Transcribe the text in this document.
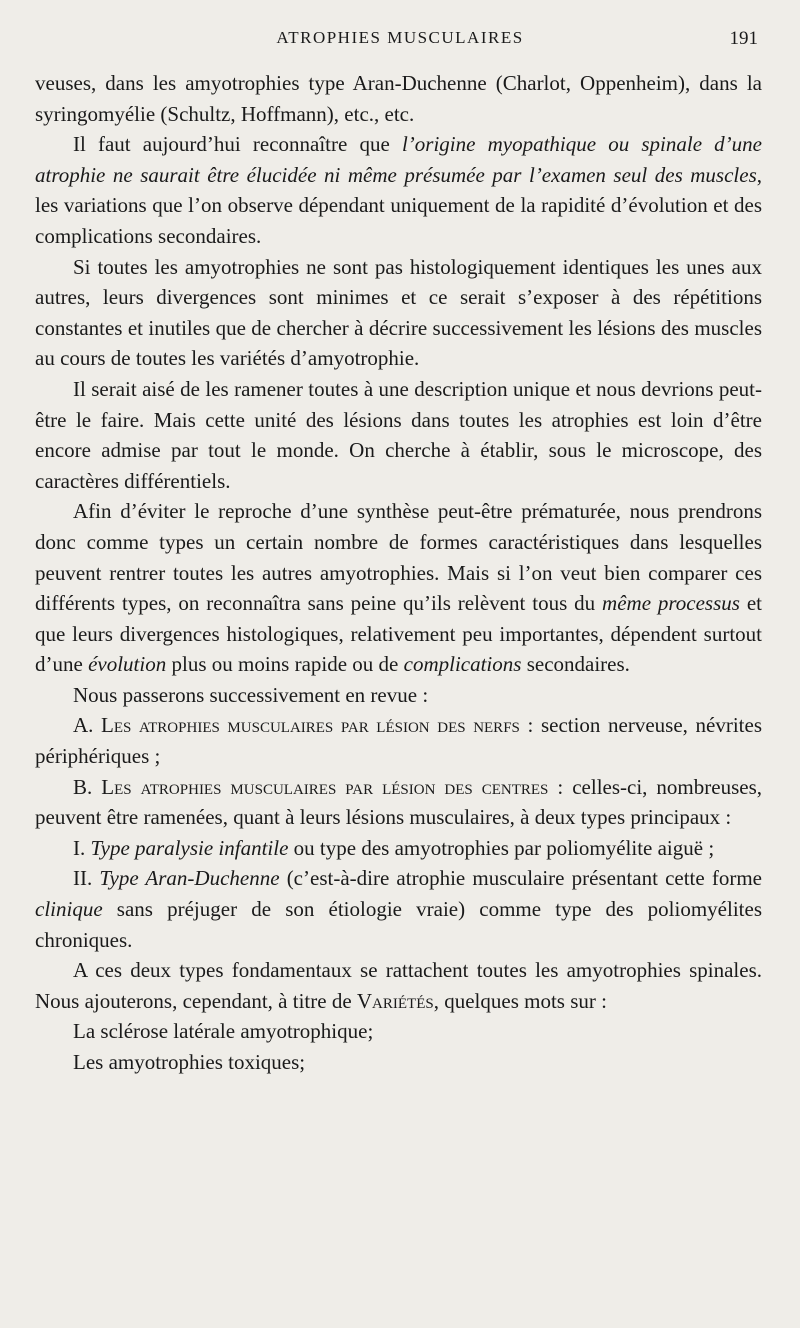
ATROPHIES MUSCULAIRES	191

veuses, dans les amyotrophies type Aran-Duchenne (Charlot, Oppenheim), dans la syringomyélie (Schultz, Hoffmann), etc., etc.

Il faut aujourd’hui reconnaître que l’origine myopathique ou spinale d’une atrophie ne saurait être élucidée ni même présumée par l’examen seul des muscles, les variations que l’on observe dépendant uniquement de la rapidité d’évolution et des complications secondaires.

Si toutes les amyotrophies ne sont pas histologiquement identiques les unes aux autres, leurs divergences sont minimes et ce serait s’exposer à des répétitions constantes et inutiles que de chercher à décrire successivement les lésions des muscles au cours de toutes les variétés d’amyotrophie.

Il serait aisé de les ramener toutes à une description unique et nous devrions peut-être le faire. Mais cette unité des lésions dans toutes les atrophies est loin d’être encore admise par tout le monde. On cherche à établir, sous le microscope, des caractères différentiels.

Afin d’éviter le reproche d’une synthèse peut-être prématurée, nous prendrons donc comme types un certain nombre de formes caractéristiques dans lesquelles peuvent rentrer toutes les autres amyotrophies. Mais si l’on veut bien comparer ces différents types, on reconnaîtra sans peine qu’ils relèvent tous du même processus et que leurs divergences histologiques, relativement peu importantes, dépendent surtout d’une évolution plus ou moins rapide ou de complications secondaires.

Nous passerons successivement en revue :

A. Les atrophies musculaires par lésion des nerfs : section nerveuse, névrites périphériques ;

B. Les atrophies musculaires par lésion des centres : celles-ci, nombreuses, peuvent être ramenées, quant à leurs lésions musculaires, à deux types principaux :

I. Type paralysie infantile ou type des amyotrophies par poliomyélite aiguë ;

II. Type Aran-Duchenne (c’est-à-dire atrophie musculaire présentant cette forme clinique sans préjuger de son étiologie vraie) comme type des poliomyélites chroniques.

A ces deux types fondamentaux se rattachent toutes les amyotrophies spinales. Nous ajouterons, cependant, à titre de Variétés, quelques mots sur :

La sclérose latérale amyotrophique;

Les amyotrophies toxiques;
